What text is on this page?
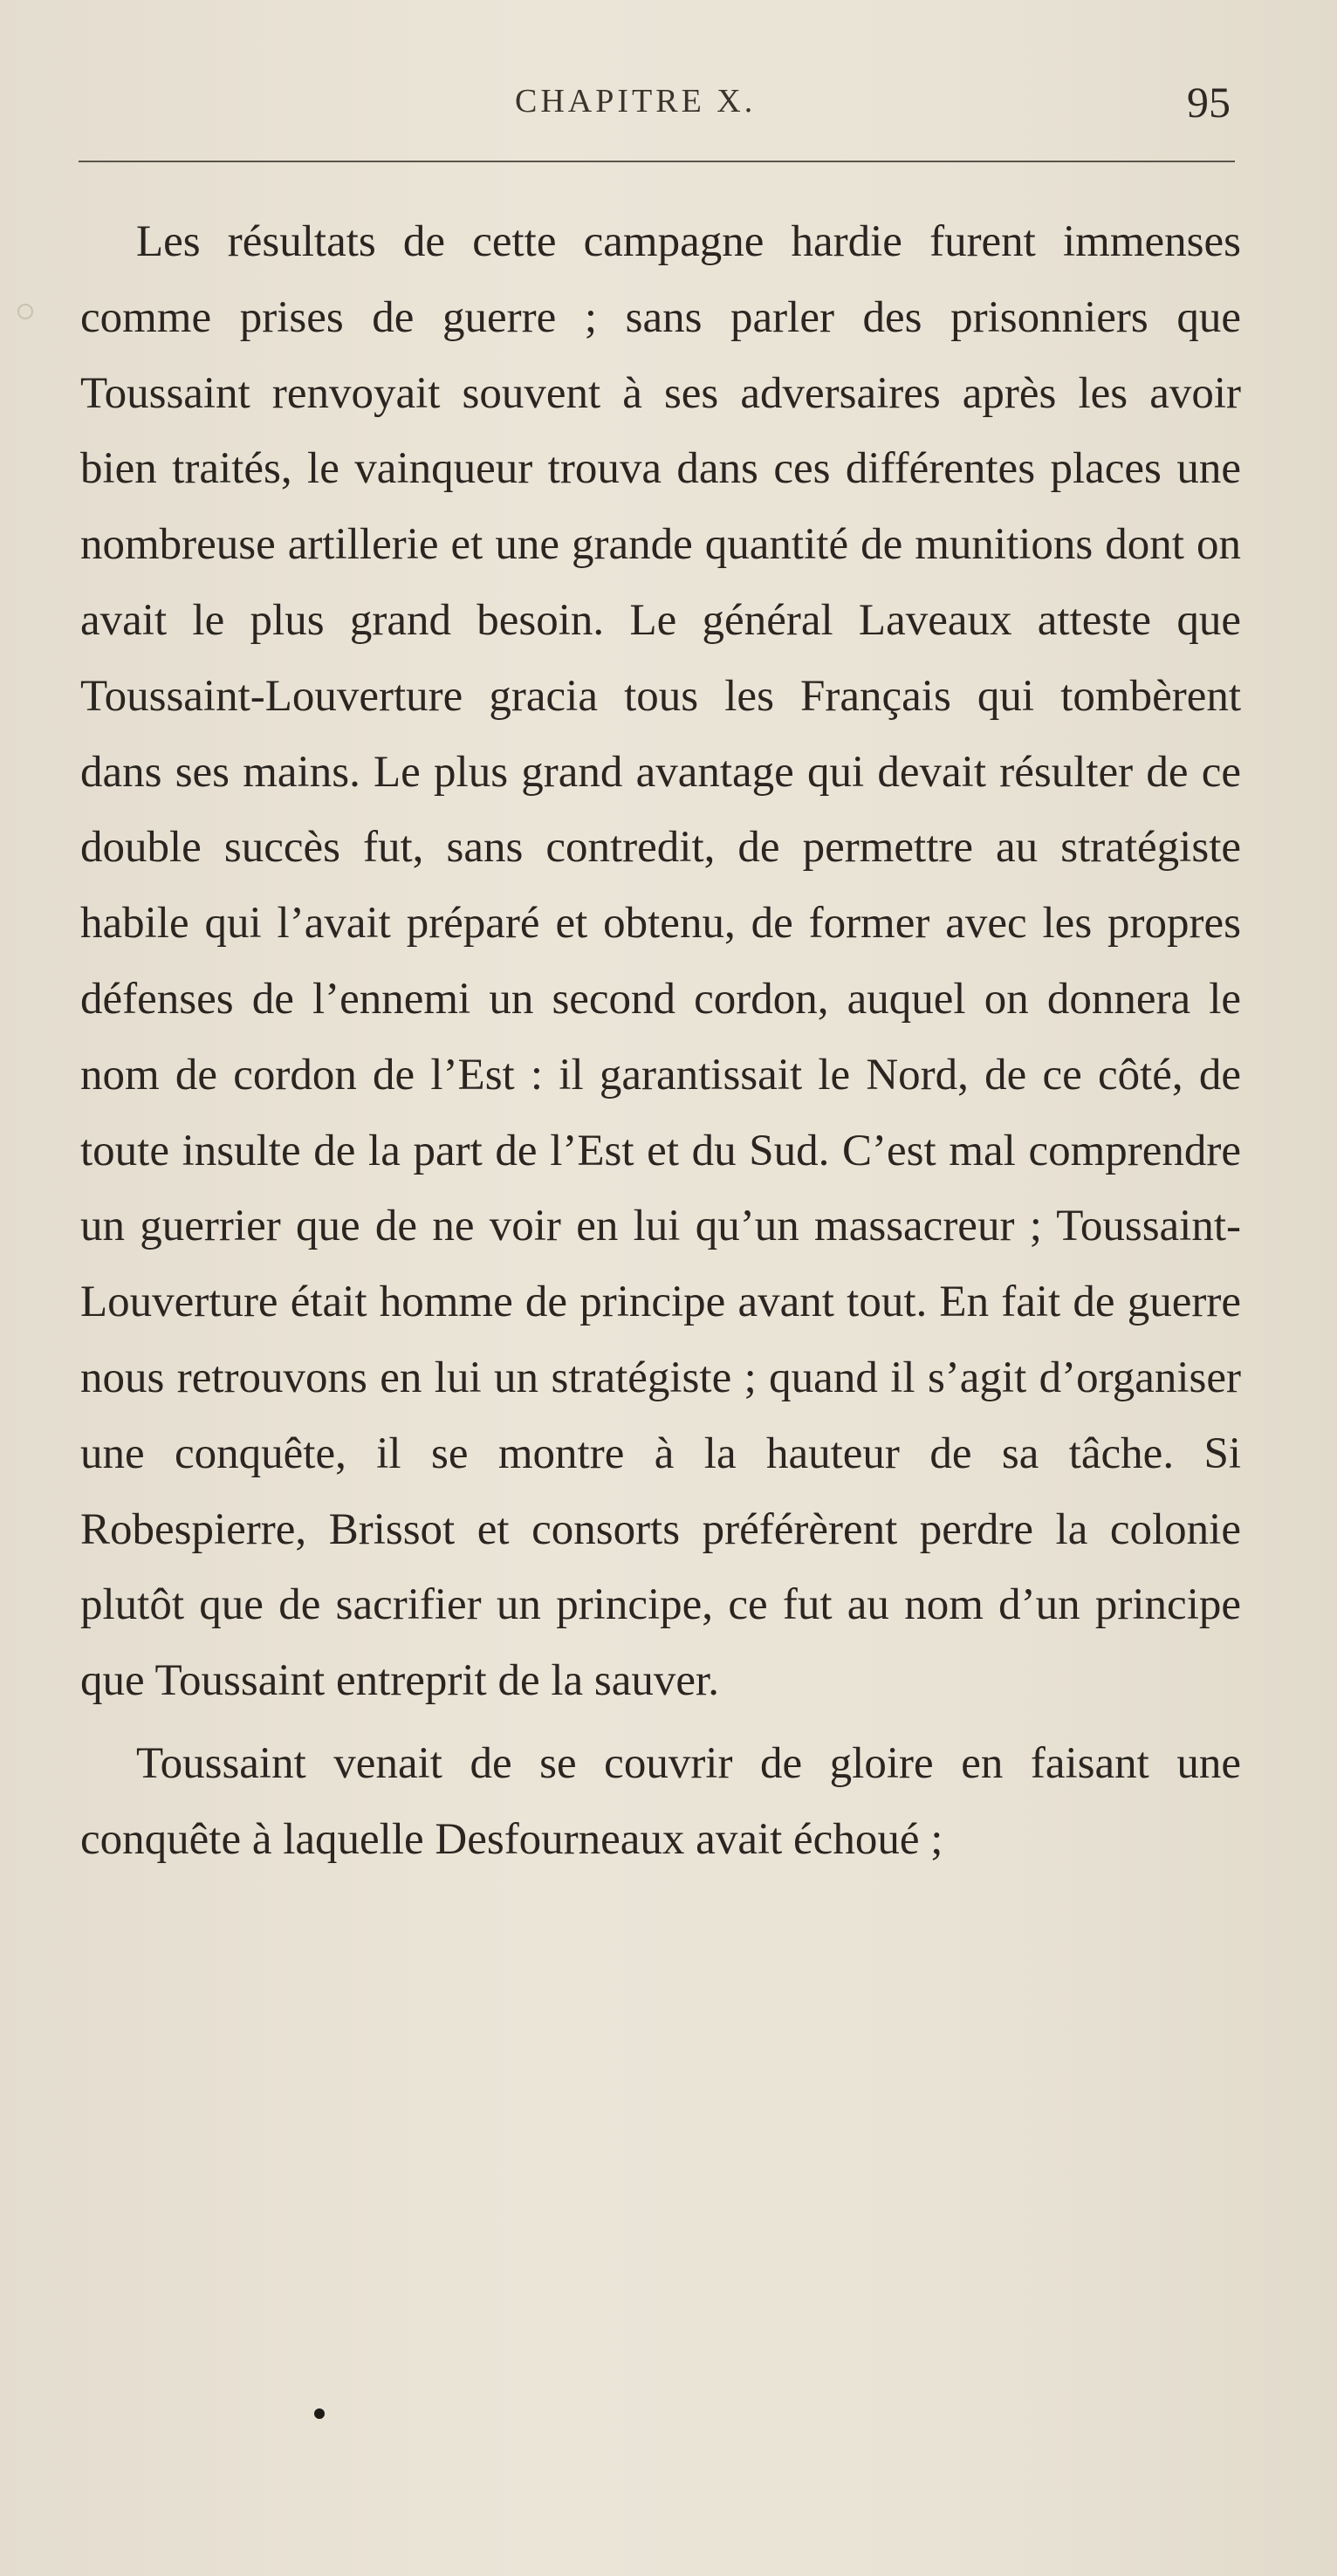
CHAPITRE X.	95

Les résultats de cette campagne hardie furent immenses comme prises de guerre ; sans parler des prisonniers que Toussaint renvoyait souvent à ses adversaires après les avoir bien traités, le vainqueur trouva dans ces différentes places une nombreuse artillerie et une grande quantité de munitions dont on avait le plus grand besoin. Le général Laveaux atteste que Toussaint-Louverture gracia tous les Français qui tombèrent dans ses mains. Le plus grand avantage qui devait résulter de ce double succès fut, sans contredit, de permettre au stratégiste habile qui l’avait préparé et obtenu, de former avec les propres défenses de l’ennemi un second cordon, auquel on donnera le nom de cordon de l’Est : il garantissait le Nord, de ce côté, de toute insulte de la part de l’Est et du Sud. C’est mal comprendre un guerrier que de ne voir en lui qu’un massacreur ; Toussaint-Louverture était homme de principe avant tout. En fait de guerre nous retrouvons en lui un stratégiste ; quand il s’agit d’organiser une conquête, il se montre à la hauteur de sa tâche. Si Robespierre, Brissot et consorts préférèrent perdre la colonie plutôt que de sacrifier un principe, ce fut au nom d’un principe que Toussaint entreprit de la sauver.

Toussaint venait de se couvrir de gloire en faisant une conquête à laquelle Desfourneaux avait échoué ;
